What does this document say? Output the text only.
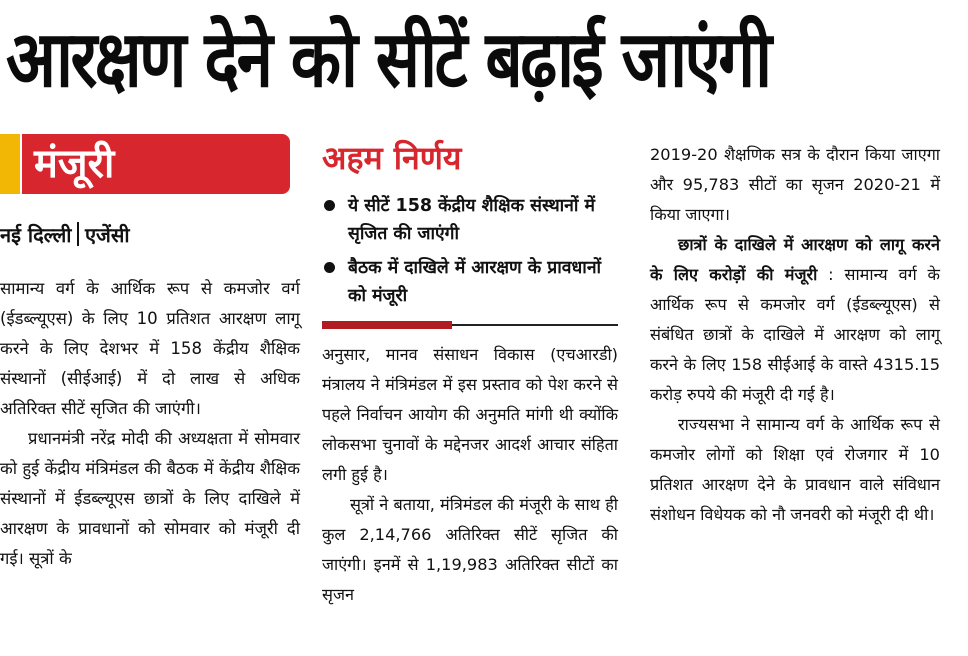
आरक्षण देने को सीटें बढ़ाई जाएंगी
मंजूरी
नई दिल्ली एजेंसी

सामान्य वर्ग के आर्थिक रूप से कमजोर वर्ग (ईडब्ल्यूएस) के लिए 10 प्रतिशत आरक्षण लागू करने के लिए देशभर में 158 केंद्रीय शैक्षिक संस्थानों (सीईआई) में दो लाख से अधिक अतिरिक्त सीटें सृजित की जाएंगी।

प्रधानमंत्री नरेंद्र मोदी की अध्यक्षता में सोमवार को हुई केंद्रीय मंत्रिमंडल की बैठक में केंद्रीय शैक्षिक संस्थानों में ईडब्ल्यूएस छात्रों के लिए दाखिले में आरक्षण के प्रावधानों को सोमवार को मंजूरी दी गई। सूत्रों के

अहम निर्णय
ये सीटें 158 केंद्रीय शैक्षिक संस्थानों में सृजित की जाएंगी
बैठक में दाखिले में आरक्षण के प्रावधानों को मंजूरी

अनुसार, मानव संसाधन विकास (एचआरडी) मंत्रालय ने मंत्रिमंडल में इस प्रस्ताव को पेश करने से पहले निर्वाचन आयोग की अनुमति मांगी थी क्योंकि लोकसभा चुनावों के मद्देनजर आदर्श आचार संहिता लगी हुई है।

सूत्रों ने बताया, मंत्रिमंडल की मंजूरी के साथ ही कुल 2,14,766 अतिरिक्त सीटें सृजित की जाएंगी। इनमें से 1,19,983 अतिरिक्त सीटों का सृजन

2019-20 शैक्षणिक सत्र के दौरान किया जाएगा और 95,783 सीटों का सृजन 2020-21 में किया जाएगा।

छात्रों के दाखिले में आरक्षण को लागू करने के लिए करोड़ों की मंजूरी : सामान्य वर्ग के आर्थिक रूप से कमजोर वर्ग (ईडब्ल्यूएस) से संबंधित छात्रों के दाखिले में आरक्षण को लागू करने के लिए 158 सीईआई के वास्ते 4315.15 करोड़ रुपये की मंजूरी दी गई है।

राज्यसभा ने सामान्य वर्ग के आर्थिक रूप से कमजोर लोगों को शिक्षा एवं रोजगार में 10 प्रतिशत आरक्षण देने के प्रावधान वाले संविधान संशोधन विधेयक को नौ जनवरी को मंजूरी दी थी।
